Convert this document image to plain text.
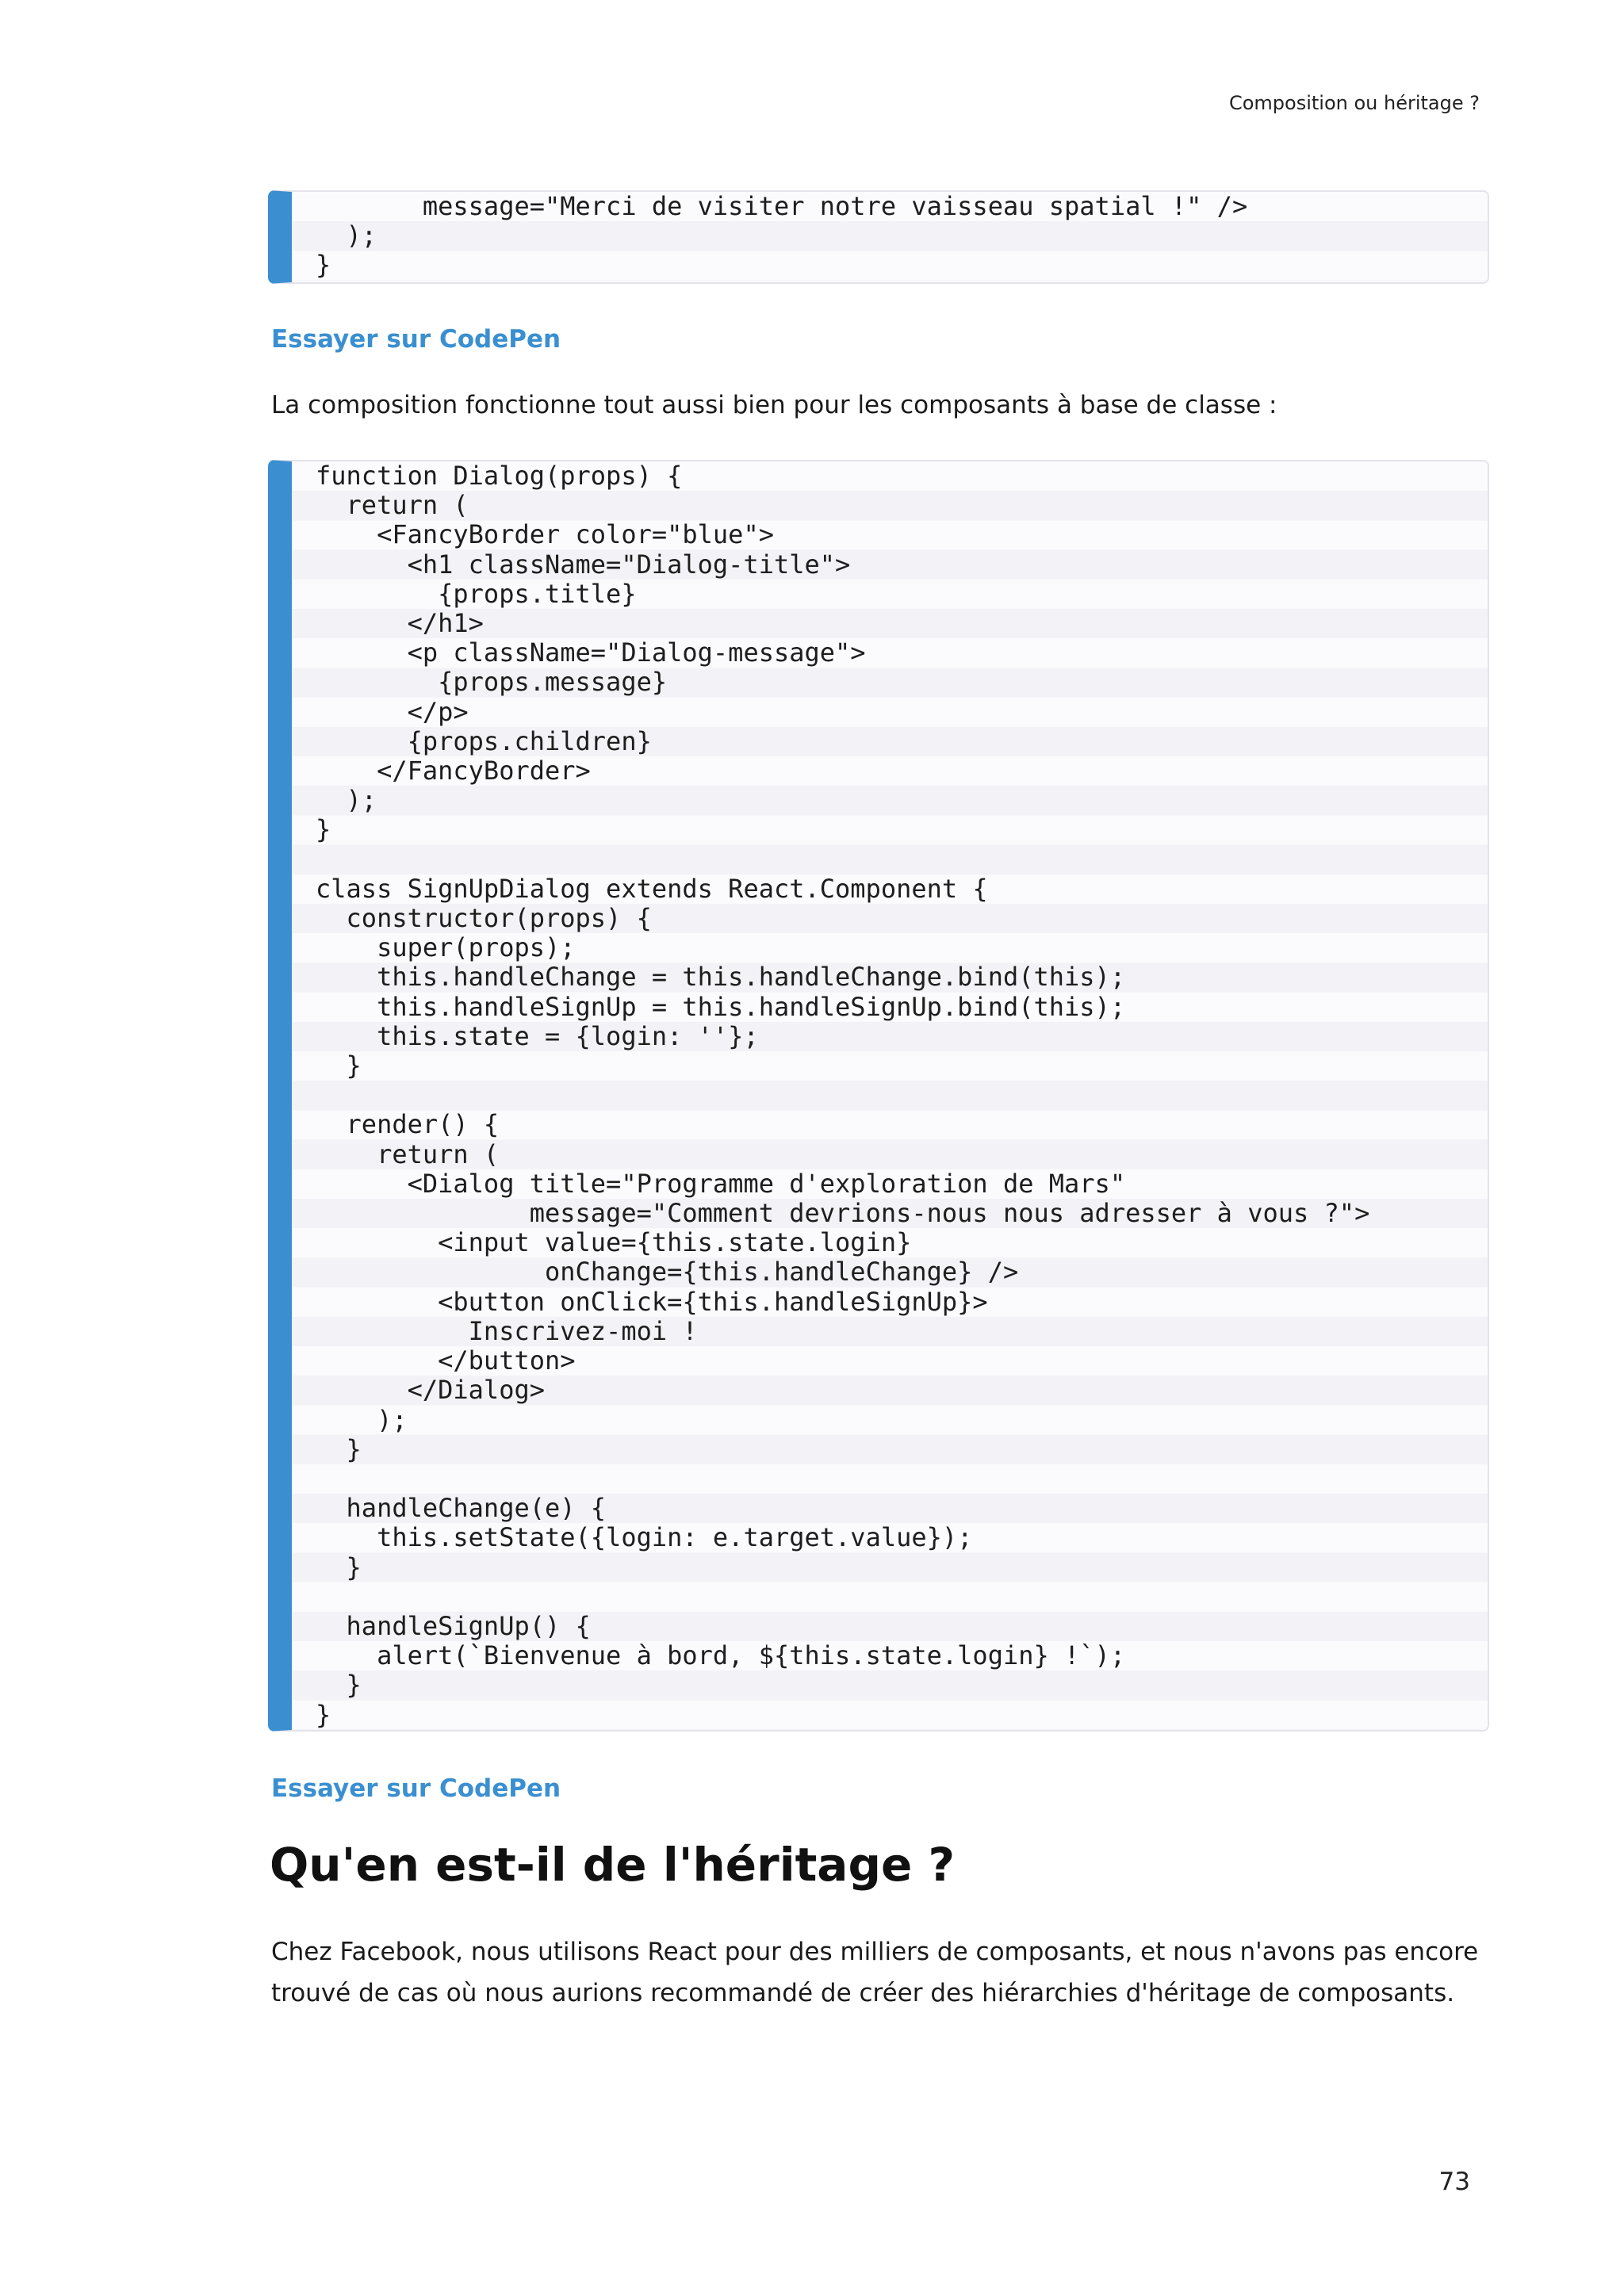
Composition ou héritage ?
message="Merci de visiter notre vaisseau spatial !" />
);
}
Essayer sur CodePen

La composition fonctionne tout aussi bien pour les composants à base de classe :

function Dialog(props) {
return (
<FancyBorder color="blue">
<h1 className="Dialog-title">
{props.title}
</h1>
<p className="Dialog-message">
{props.message}
</p>
{props.children}
</FancyBorder>
);
}

class SignUpDialog extends React.Component {
constructor(props) {
super(props);
this.handleChange = this.handleChange.bind(this);
this.handleSignUp = this.handleSignUp.bind(this);
this.state = {login: ''};
}

render() {
return (
<Dialog title="Programme d'exploration de Mars"
message="Comment devrions-nous nous adresser à vous ?">
<input value={this.state.login}
onChange={this.handleChange} />
<button onClick={this.handleSignUp}>
Inscrivez-moi !
</button>
</Dialog>
);
}

handleChange(e) {
this.setState({login: e.target.value});
}

handleSignUp() {
alert(`Bienvenue à bord, ${this.state.login} !`);
}
}
Essayer sur CodePen
Qu'en est-il de l'héritage ?

Chez Facebook, nous utilisons React pour des milliers de composants, et nous n'avons pas encore trouvé de cas où nous aurions recommandé de créer des hiérarchies d'héritage de composants.

73
